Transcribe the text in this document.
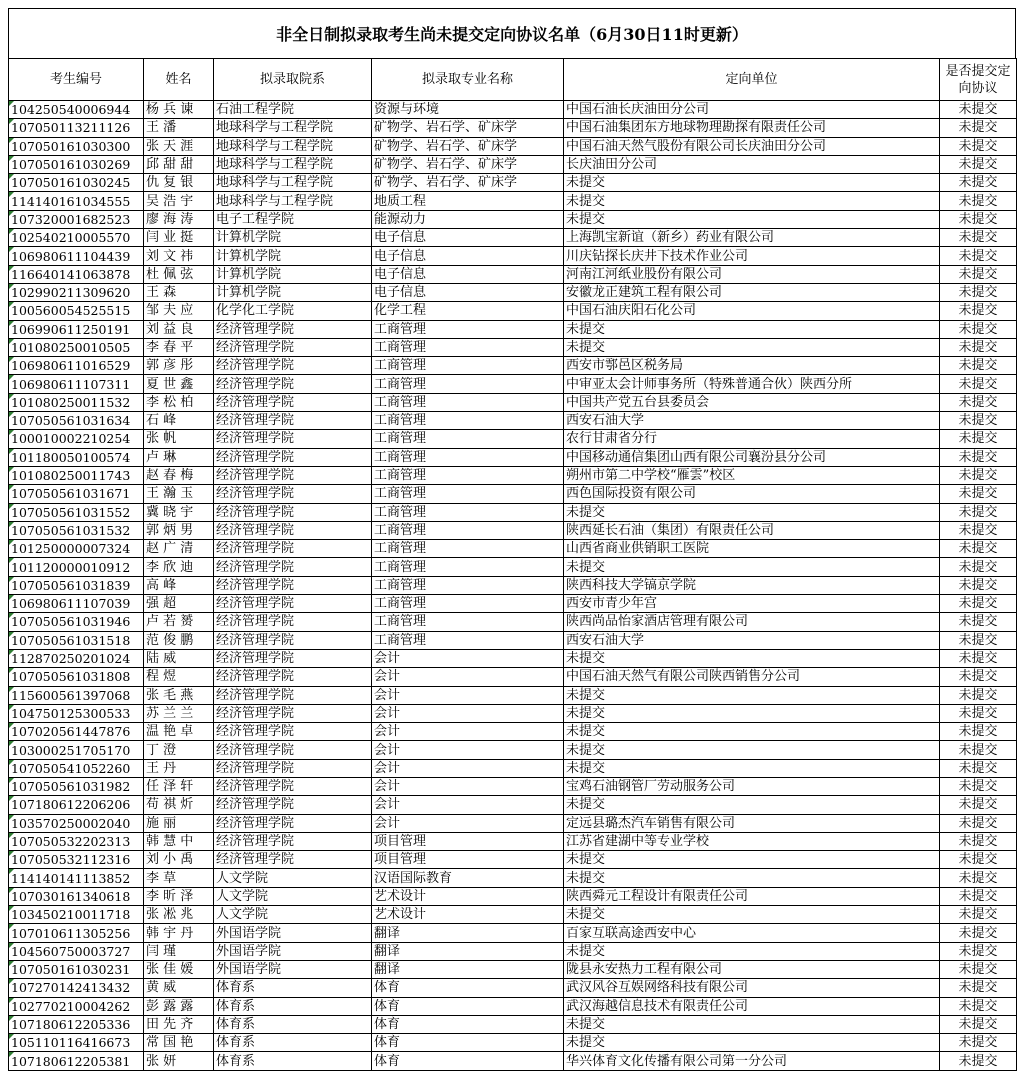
非全日制拟录取考生尚未提交定向协议名单（6月30日11时更新）
考生编号	姓名	拟录取院系	拟录取专业名称	定向单位	是否提交定向协议
104250540006944	杨 兵 谏	石油工程学院	资源与环境	中国石油长庆油田分公司	未提交
107050113211126	王 潘	地球科学与工程学院	矿物学、岩石学、矿床学	中国石油集团东方地球物理勘探有限责任公司	未提交
107050161030300	张 天 涯	地球科学与工程学院	矿物学、岩石学、矿床学	中国石油天然气股份有限公司长庆油田分公司	未提交
107050161030269	邱 甜 甜	地球科学与工程学院	矿物学、岩石学、矿床学	长庆油田分公司	未提交
107050161030245	仇 复 银	地球科学与工程学院	矿物学、岩石学、矿床学	未提交	未提交
114140161034555	吴 浩 宇	地球科学与工程学院	地质工程	未提交	未提交
107320001682523	廖 海 涛	电子工程学院	能源动力	未提交	未提交
102540210005570	闫 业 挺	计算机学院	电子信息	上海凯宝新谊（新乡）药业有限公司	未提交
106980611104439	刘 文 祎	计算机学院	电子信息	川庆钻探长庆井下技术作业公司	未提交
116640141063878	杜 佩 弦	计算机学院	电子信息	河南江河纸业股份有限公司	未提交
102990211309620	王 森	计算机学院	电子信息	安徽龙正建筑工程有限公司	未提交
100560054525515	邹 夫 应	化学化工学院	化学工程	中国石油庆阳石化公司	未提交
106990611250191	刘 益 良	经济管理学院	工商管理	未提交	未提交
101080250010505	李 春 平	经济管理学院	工商管理	未提交	未提交
106980611016529	郭 彦 彤	经济管理学院	工商管理	西安市鄠邑区税务局	未提交
106980611107311	夏 世 鑫	经济管理学院	工商管理	中审亚太会计师事务所（特殊普通合伙）陕西分所	未提交
101080250011532	李 松 柏	经济管理学院	工商管理	中国共产党五台县委员会	未提交
107050561031634	石 峰	经济管理学院	工商管理	西安石油大学	未提交
100010002210254	张 帆	经济管理学院	工商管理	农行甘肃省分行	未提交
101180050100574	卢 琳	经济管理学院	工商管理	中国移动通信集团山西有限公司襄汾县分公司	未提交
101080250011743	赵 春 梅	经济管理学院	工商管理	朔州市第二中学校“雁雲”校区	未提交
107050561031671	王 瀚 玉	经济管理学院	工商管理	西色国际投资有限公司	未提交
107050561031552	冀 晓 宇	经济管理学院	工商管理	未提交	未提交
107050561031532	郭 炳 男	经济管理学院	工商管理	陕西延长石油（集团）有限责任公司	未提交
101250000007324	赵 广 清	经济管理学院	工商管理	山西省商业供销职工医院	未提交
101120000010912	李 欣 迪	经济管理学院	工商管理	未提交	未提交
107050561031839	高 峰	经济管理学院	工商管理	陕西科技大学镐京学院	未提交
106980611107039	强 超	经济管理学院	工商管理	西安市青少年宫	未提交
107050561031946	卢 若 赟	经济管理学院	工商管理	陕西尚品怡家酒店管理有限公司	未提交
107050561031518	范 俊 鹏	经济管理学院	工商管理	西安石油大学	未提交
112870250201024	陆 威	经济管理学院	会计	未提交	未提交
107050561031808	程 煜	经济管理学院	会计	中国石油天然气有限公司陕西销售分公司	未提交
115600561397068	张 毛 燕	经济管理学院	会计	未提交	未提交
104750125300533	苏 兰 兰	经济管理学院	会计	未提交	未提交
107020561447876	温 艳 卓	经济管理学院	会计	未提交	未提交
103000251705170	丁 澄	经济管理学院	会计	未提交	未提交
107050541052260	王 丹	经济管理学院	会计	未提交	未提交
107050561031982	任 泽 轩	经济管理学院	会计	宝鸡石油钢管厂劳动服务公司	未提交
107180612206206	苟 祺 炘	经济管理学院	会计	未提交	未提交
103570250002040	施 丽	经济管理学院	会计	定远县璐杰汽车销售有限公司	未提交
107050532202313	韩 慧 中	经济管理学院	项目管理	江苏省建湖中等专业学校	未提交
107050532112316	刘 小 禹	经济管理学院	项目管理	未提交	未提交
114140141113852	李 草	人文学院	汉语国际教育	未提交	未提交
107030161340618	李 昕 泽	人文学院	艺术设计	陕西舜元工程设计有限责任公司	未提交
103450210011718	张 凇 兆	人文学院	艺术设计	未提交	未提交
107010611305256	韩 宇 丹	外国语学院	翻译	百家互联高途西安中心	未提交
104560750003727	闫 瑾	外国语学院	翻译	未提交	未提交
107050161030231	张 佳 媛	外国语学院	翻译	陇县永安热力工程有限公司	未提交
107270142413432	黄 威	体育系	体育	武汉风谷互娱网络科技有限公司	未提交
102770210004262	彭 露 露	体育系	体育	武汉海越信息技术有限责任公司	未提交
107180612205336	田 先 齐	体育系	体育	未提交	未提交
105110116416673	常 国 艳	体育系	体育	未提交	未提交
107180612205381	张 妍	体育系	体育	华兴体育文化传播有限公司第一分公司	未提交
